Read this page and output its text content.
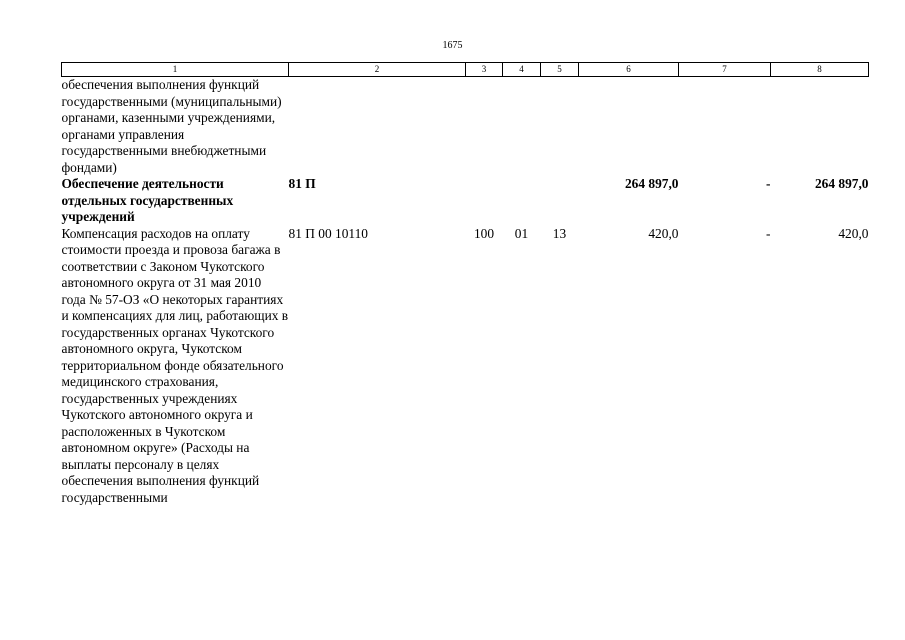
1675
1	2	3	4	5	6	7	8
обеспечения выполнения функций государственными (муниципальными) органами, казенными учреждениями, органами управления государственными внебюджетными фондами)							
Обеспечение деятельности отдельных государственных учреждений	81 П				264 897,0	-	264 897,0
Компенсация расходов на оплату стоимости проезда и провоза багажа в соответствии с Законом Чукотского автономного округа от 31 мая 2010 года № 57-ОЗ «О некоторых гарантиях и компенсациях для лиц, работающих в государственных органах Чукотского автономного округа, Чукотском территориальном фонде обязательного медицинского страхования, государственных учреждениях Чукотского автономного округа и расположенных в Чукотском автономном округе» (Расходы на выплаты персоналу в целях обеспечения выполнения функций государственными	81 П 00 10110	100	01	13	420,0	-	420,0
